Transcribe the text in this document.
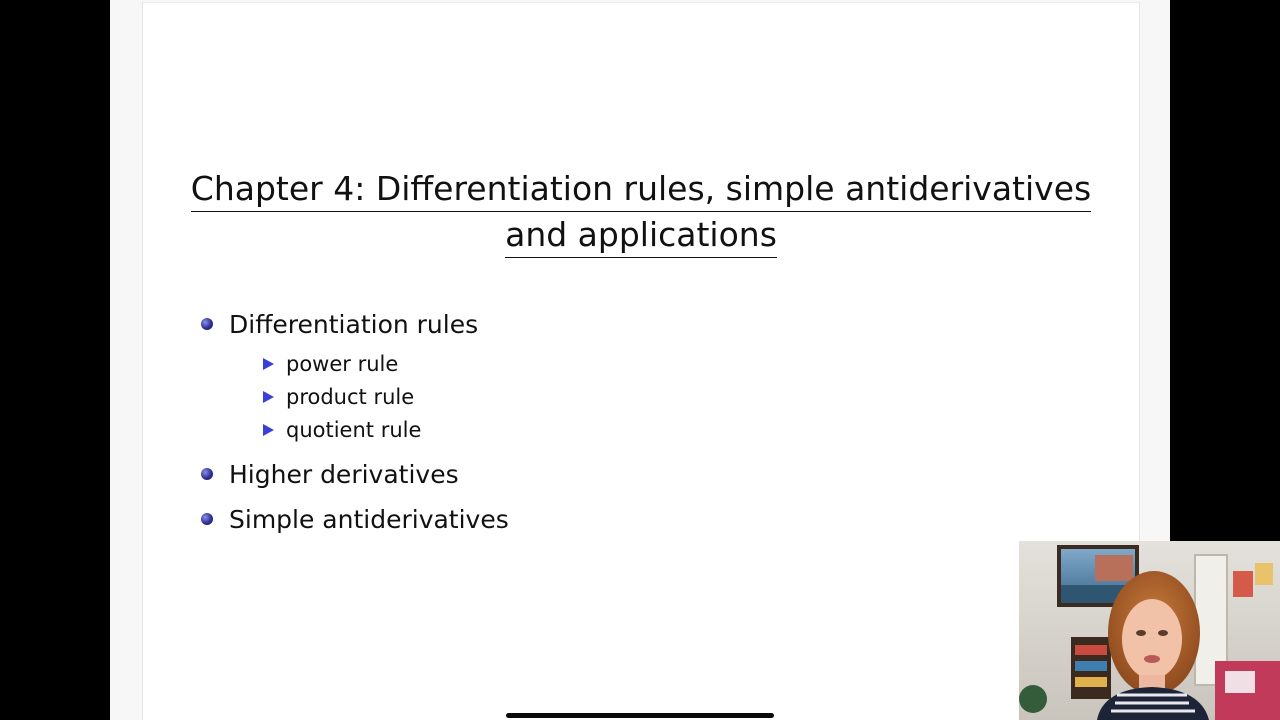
Chapter 4: Differentiation rules, simple antiderivatives
and applications
Differentiation rules
power rule
product rule
quotient rule
Higher derivatives
Simple antiderivatives
